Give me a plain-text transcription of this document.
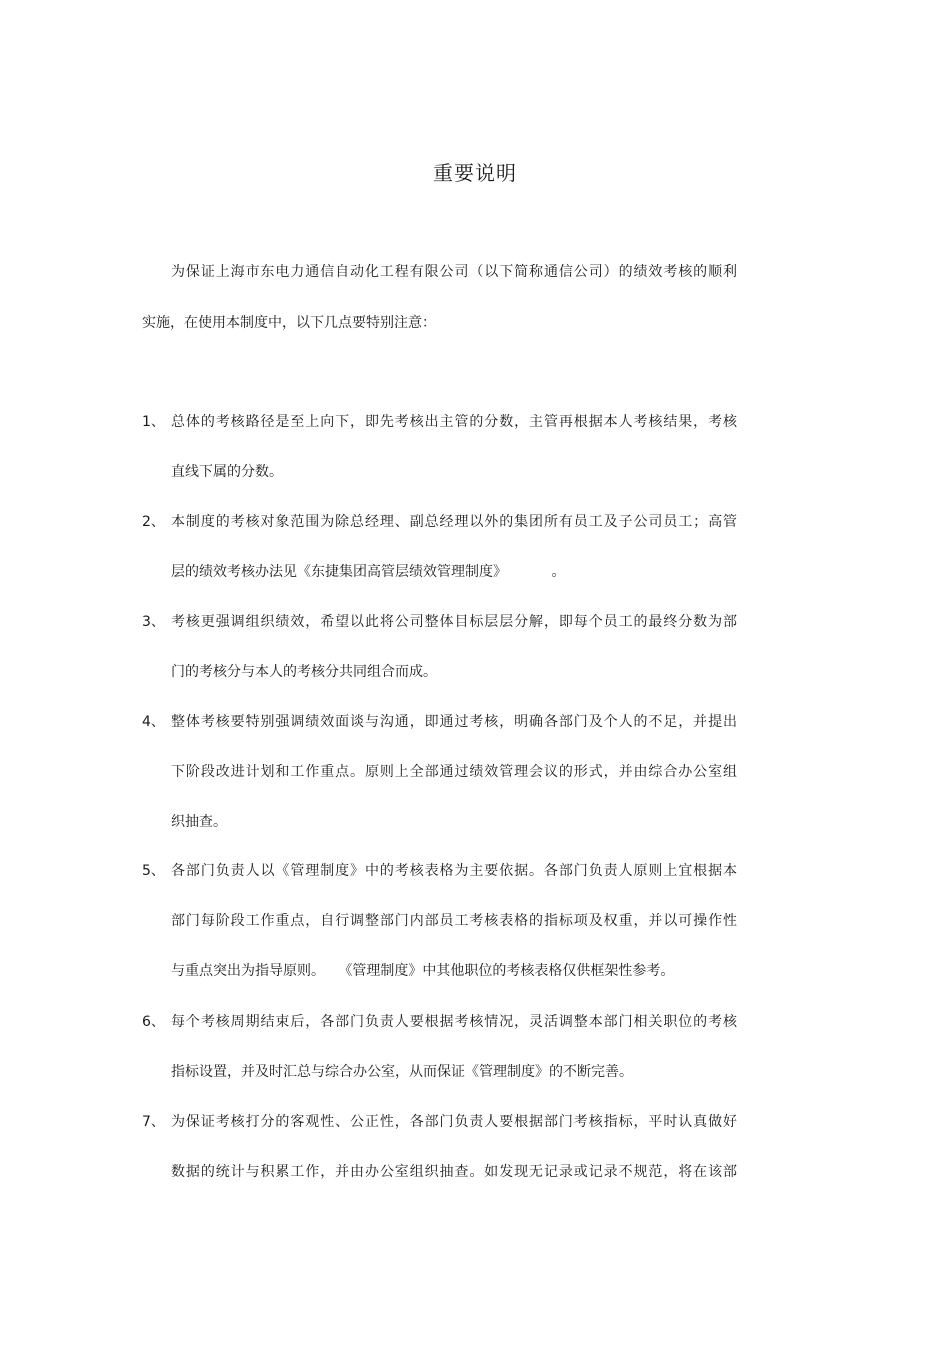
重要说明
为保证上海市东电力通信自动化工程有限公司（以下简称通信公司）的绩效考核的顺利
实施，在使用本制度中，以下几点要特别注意：
1、 总体的考核路径是至上向下，即先考核出主管的分数，主管再根据本人考核结果，考核
直线下属的分数。
2、 本制度的考核对象范围为除总经理、副总经理以外的集团所有员工及子公司员工；高管
层的绩效考核办法见《东捷集团高管层绩效管理制度》          。
3、 考核更强调组织绩效，希望以此将公司整体目标层层分解，即每个员工的最终分数为部
门的考核分与本人的考核分共同组合而成。
4、 整体考核要特别强调绩效面谈与沟通，即通过考核，明确各部门及个人的不足，并提出
下阶段改进计划和工作重点。原则上全部通过绩效管理会议的形式，并由综合办公室组
织抽查。
5、 各部门负责人以《管理制度》中的考核表格为主要依据。各部门负责人原则上宜根据本
部门每阶段工作重点，自行调整部门内部员工考核表格的指标项及权重，并以可操作性
与重点突出为指导原则。   《管理制度》中其他职位的考核表格仅供框架性参考。
6、 每个考核周期结束后，各部门负责人要根据考核情况，灵活调整本部门相关职位的考核
指标设置，并及时汇总与综合办公室，从而保证《管理制度》的不断完善。
7、 为保证考核打分的客观性、公正性，各部门负责人要根据部门考核指标，平时认真做好
数据的统计与积累工作，并由办公室组织抽查。如发现无记录或记录不规范，将在该部
